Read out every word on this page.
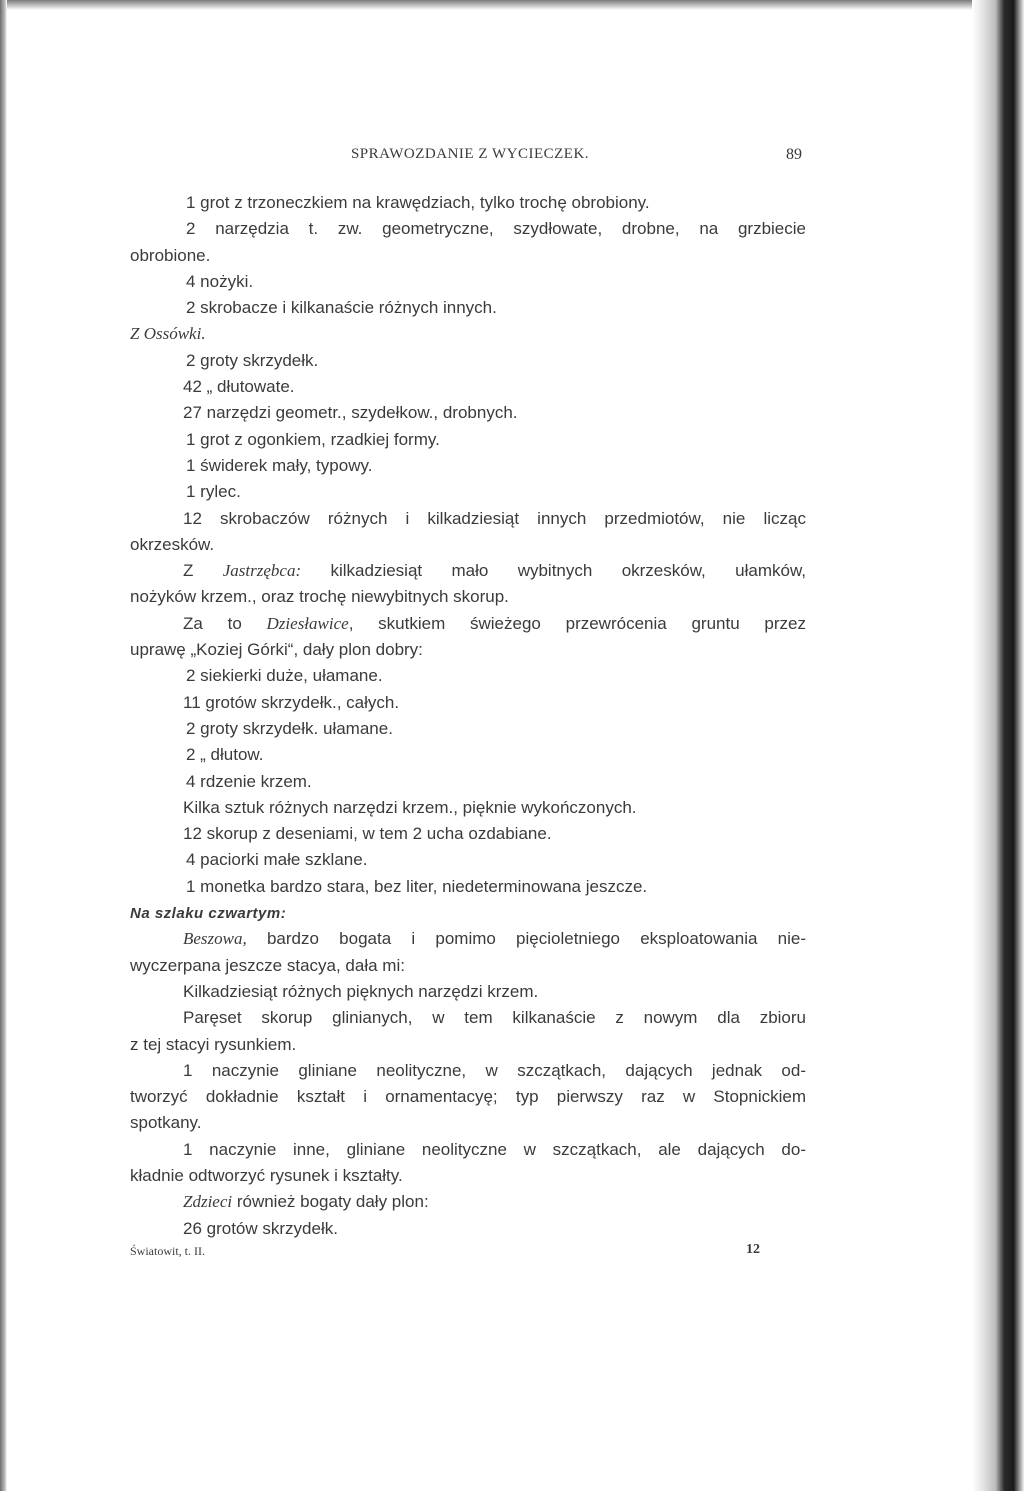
SPRAWOZDANIE Z WYCIECZEK.	89
1 grot z trzoneczkiem na krawędziach, tylko trochę obrobiony.
2 narzędzia t. zw. geometryczne, szydłowate, drobne, na grzbiecie
obrobione.
4 nożyki.
2 skrobacze i kilkanaście różnych innych.
Z Ossówki.
2 groty skrzydełk.
42 „ dłutowate.
27 narzędzi geometr., szydełkow., drobnych.
1 grot z ogonkiem, rzadkiej formy.
1 świderek mały, typowy.
1 rylec.
12 skrobaczów różnych i kilkadziesiąt innych przedmiotów, nie licząc
okrzesków.
Z Jastrzębca: kilkadziesiąt mało wybitnych okrzesków, ułamków,
nożyków krzem., oraz trochę niewybitnych skorup.
Za to Dziesławice, skutkiem świeżego przewrócenia gruntu przez
uprawę „Koziej Górki“, dały plon dobry:
2 siekierki duże, ułamane.
11 grotów skrzydełk., całych.
2 groty skrzydełk. ułamane.
2 „ dłutow.
4 rdzenie krzem.
Kilka sztuk różnych narzędzi krzem., pięknie wykończonych.
12 skorup z deseniami, w tem 2 ucha ozdabiane.
4 paciorki małe szklane.
1 monetka bardzo stara, bez liter, niedeterminowana jeszcze.
Na szlaku czwartym:
Beszowa, bardzo bogata i pomimo pięcioletniego eksploatowania nie-
wyczerpana jeszcze stacya, dała mi:
Kilkadziesiąt różnych pięknych narzędzi krzem.
Paręset skorup glinianych, w tem kilkanaście z nowym dla zbioru
z tej stacyi rysunkiem.
1 naczynie gliniane neolityczne, w szczątkach, dających jednak od-
tworzyć dokładnie kształt i ornamentacyę; typ pierwszy raz w Stopnickiem
spotkany.
1 naczynie inne, gliniane neolityczne w szczątkach, ale dających do-
kładnie odtworzyć rysunek i kształty.
Zdzieci również bogaty dały plon:
26 grotów skrzydełk.
Światowit, t. II.	12
